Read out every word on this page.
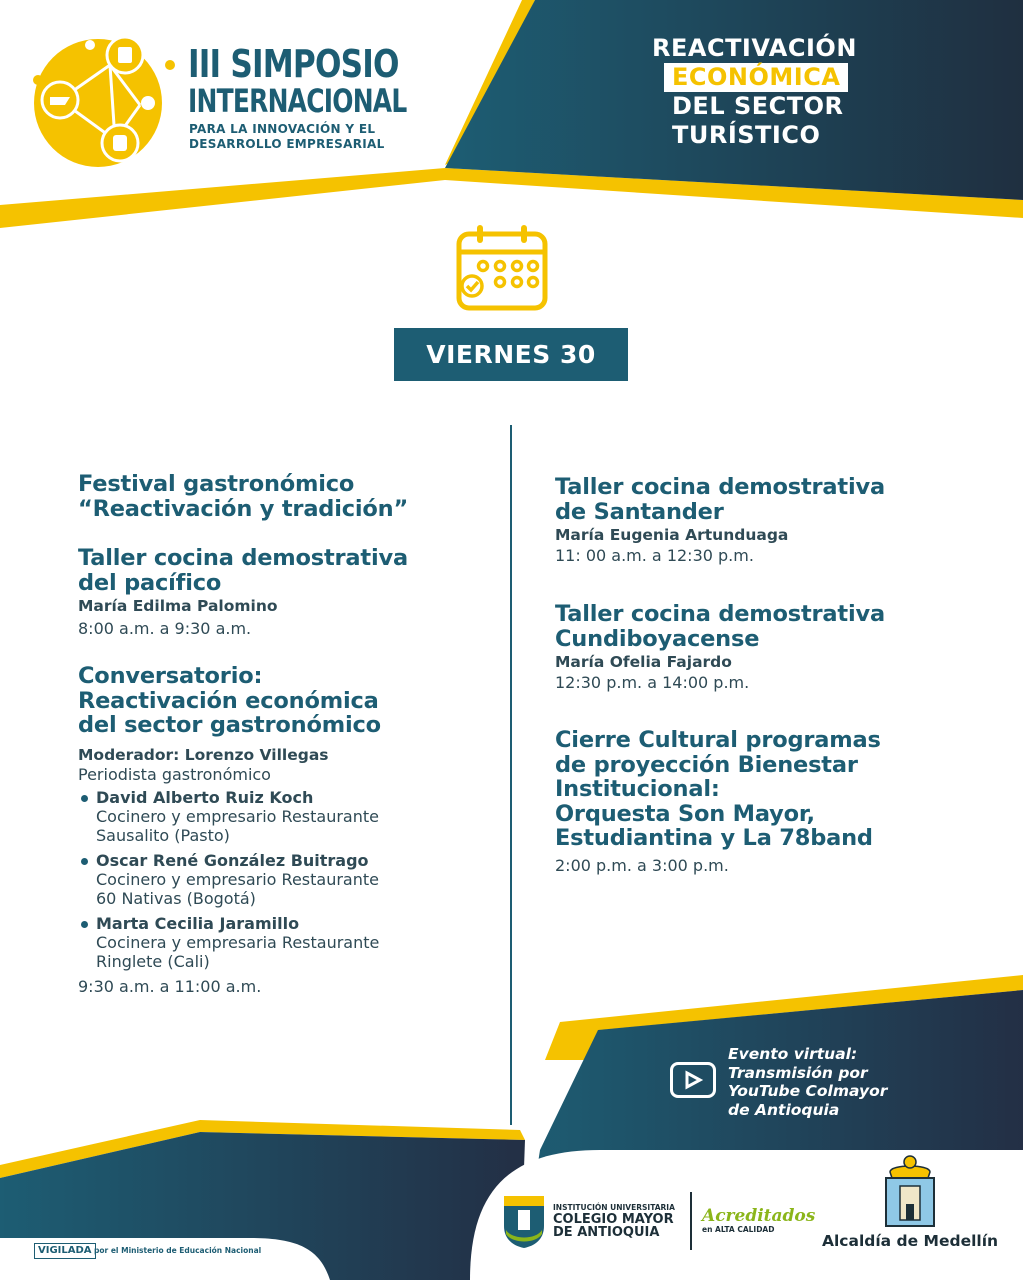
III SIMPOSIO
INTERNACIONAL
PARA LA INNOVACIÓN Y EL
DESARROLLO EMPRESARIAL
REACTIVACIÓN
ECONÓMICA
DEL SECTOR
TURÍSTICO
VIERNES 30
Festival gastronómico
“Reactivación y tradición”
Taller cocina demostrativa
del pacífico
María Edilma Palomino
8:00 a.m. a 9:30 a.m.
Conversatorio:
Reactivación económica
del sector gastronómico
Moderador: Lorenzo Villegas
Periodista gastronómico
David Alberto Ruiz Koch
Cocinero y empresario Restaurante
Sausalito (Pasto)
Oscar René González Buitrago
Cocinero y empresario Restaurante
60 Nativas (Bogotá)
Marta Cecilia Jaramillo
Cocinera y empresaria Restaurante
Ringlete (Cali)
9:30 a.m. a 11:00 a.m.
Taller cocina demostrativa
de Santander
María Eugenia Artunduaga
11: 00 a.m. a 12:30 p.m.
Taller cocina demostrativa
Cundiboyacense
María Ofelia Fajardo
12:30 p.m. a 14:00 p.m.
Cierre Cultural programas
de proyección Bienestar
Institucional:
Orquesta Son Mayor,
Estudiantina y La 78band
2:00 p.m. a 3:00 p.m.
Evento virtual:
Transmisión por
YouTube Colmayor
de Antioquia
VIGILADA por el Ministerio de Educación Nacional
INSTITUCIÓN UNIVERSITARIA
COLEGIO MAYOR
DE ANTIOQUIA
Acreditados
en ALTA CALIDAD
Alcaldía de Medellín
